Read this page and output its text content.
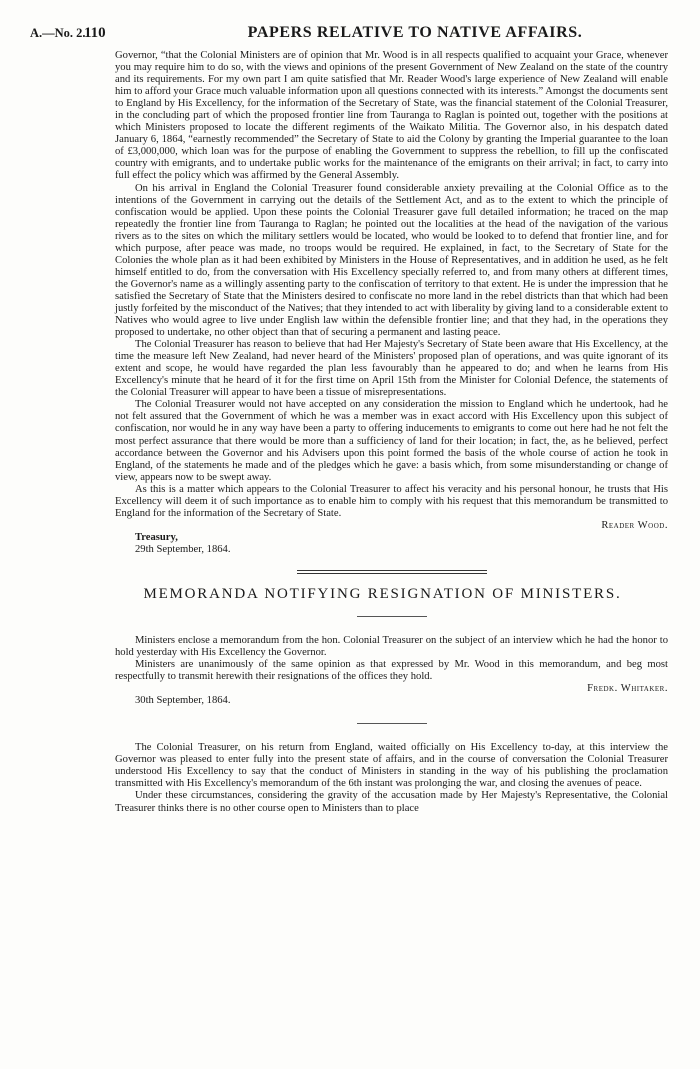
A.—No. 2.
110	PAPERS RELATIVE TO NATIVE AFFAIRS.

Governor, “that the Colonial Ministers are of opinion that Mr. Wood is in all respects qualified to acquaint your Grace, whenever you may require him to do so, with the views and opinions of the present Government of New Zealand on the state of the country and its requirements. For my own part I am quite satisfied that Mr. Reader Wood's large experience of New Zealand will enable him to afford your Grace much valuable information upon all questions connected with its interests.” Amongst the documents sent to England by His Excellency, for the information of the Secretary of State, was the financial statement of the Colonial Treasurer, in the concluding part of which the proposed frontier line from Tauranga to Raglan is pointed out, together with the positions at which Ministers proposed to locate the different regiments of the Waikato Militia. The Governor also, in his despatch dated January 6, 1864, “earnestly recommended” the Secretary of State to aid the Colony by granting the Imperial guarantee to the loan of £3,000,000, which loan was for the purpose of enabling the Government to suppress the rebellion, to fill up the confiscated country with emigrants, and to undertake public works for the maintenance of the emigrants on their arrival; in fact, to carry into full effect the policy which was affirmed by the General Assembly.

On his arrival in England the Colonial Treasurer found considerable anxiety prevailing at the Colonial Office as to the intentions of the Government in carrying out the details of the Settlement Act, and as to the extent to which the principle of confiscation would be applied. Upon these points the Colonial Treasurer gave full detailed information; he traced on the map repeatedly the frontier line from Tauranga to Raglan; he pointed out the localities at the head of the navigation of the various rivers as to the sites on which the military settlers would be located, who would be looked to to defend that frontier line, and for which purpose, after peace was made, no troops would be required. He explained, in fact, to the Secretary of State for the Colonies the whole plan as it had been exhibited by Ministers in the House of Representatives, and in addition he used, as he felt himself entitled to do, from the conversation with His Excellency specially referred to, and from many others at different times, the Governor's name as a willingly assenting party to the confiscation of territory to that extent. He is under the impression that he satisfied the Secretary of State that the Ministers desired to confiscate no more land in the rebel districts than that which had been justly forfeited by the misconduct of the Natives; that they intended to act with liberality by giving land to a considerable extent to Natives who would agree to live under English law within the defensible frontier line; and that they had, in the operations they proposed to undertake, no other object than that of securing a permanent and lasting peace.

The Colonial Treasurer has reason to believe that had Her Majesty's Secretary of State been aware that His Excellency, at the time the measure left New Zealand, had never heard of the Ministers' proposed plan of operations, and was quite ignorant of its extent and scope, he would have regarded the plan less favourably than he appeared to do; and when he learns from His Excellency's minute that he heard of it for the first time on April 15th from the Minister for Colonial Defence, the statements of the Colonial Treasurer will appear to have been a tissue of misrepresentations.

The Colonial Treasurer would not have accepted on any consideration the mission to England which he undertook, had he not felt assured that the Government of which he was a member was in exact accord with His Excellency upon this subject of confiscation, nor would he in any way have been a party to offering inducements to emigrants to come out here had he not felt the most perfect assurance that there would be more than a sufficiency of land for their location; in fact, the, as he believed, perfect accordance between the Governor and his Advisers upon this point formed the basis of the whole course of action he took in England, of the statements he made and of the pledges which he gave: a basis which, from some misunderstanding or change of view, appears now to be swept away.

As this is a matter which appears to the Colonial Treasurer to affect his veracity and his personal honour, he trusts that His Excellency will deem it of such importance as to enable him to comply with his request that this memorandum be transmitted to England for the information of the Secretary of State.

Reader Wood.

Treasury,

29th September, 1864.

MEMORANDA NOTIFYING RESIGNATION OF MINISTERS.

Ministers enclose a memorandum from the hon. Colonial Treasurer on the subject of an interview which he had the honor to hold yesterday with His Excellency the Governor.

Ministers are unanimously of the same opinion as that expressed by Mr. Wood in this memorandum, and beg most respectfully to transmit herewith their resignations of the offices they hold.

Fredk. Whitaker.

30th September, 1864.

The Colonial Treasurer, on his return from England, waited officially on His Excellency to-day, at this interview the Governor was pleased to enter fully into the present state of affairs, and in the course of conversation the Colonial Treasurer understood His Excellency to say that the conduct of Ministers in standing in the way of his publishing the proclamation transmitted with His Excellency's memorandum of the 6th instant was prolonging the war, and closing the avenues of peace.

Under these circumstances, considering the gravity of the accusation made by Her Majesty's Representative, the Colonial Treasurer thinks there is no other course open to Ministers than to place
